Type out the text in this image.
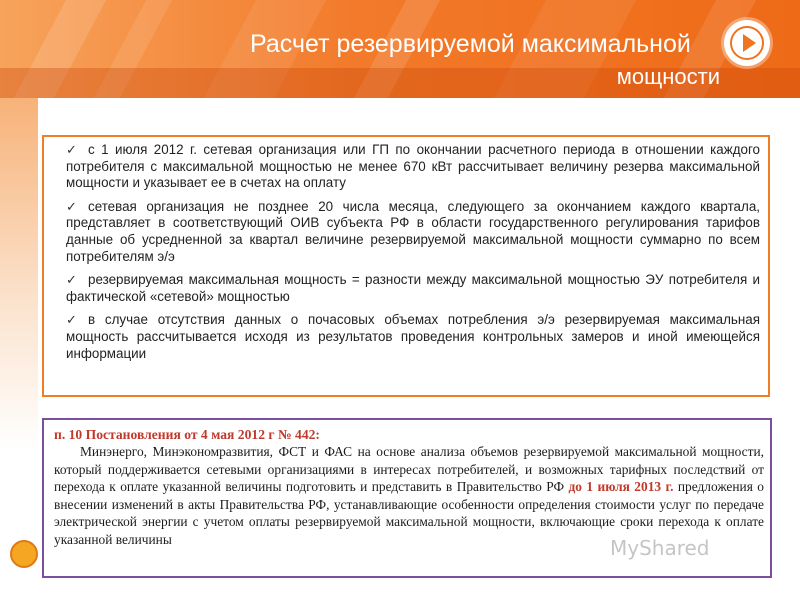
Расчет резервируемой максимальной
мощности
✓ с 1 июля 2012 г. сетевая организация или ГП по окончании расчетного периода в отношении каждого потребителя с максимальной мощностью не менее 670 кВт рассчитывает величину резерва максимальной мощности и указывает ее в счетах на оплату
✓ сетевая организация не позднее 20 числа месяца, следующего за окончанием каждого квартала, представляет в соответствующий ОИВ субъекта РФ в области государственного регулирования тарифов данные об усредненной за квартал величине резервируемой максимальной мощности суммарно по всем потребителям э/э
✓ резервируемая максимальная мощность = разности между максимальной мощностью ЭУ потребителя и фактической «сетевой» мощностью
✓ в случае отсутствия данных о почасовых объемах потребления э/э резервируемая максимальная мощность рассчитывается исходя из результатов проведения контрольных замеров и иной имеющейся информации
п. 10 Постановления от 4 мая 2012 г № 442:
Минэнерго, Минэкономразвития, ФСТ и ФАС на основе анализа объемов резервируемой максимальной мощности, который поддерживается сетевыми организациями в интересах потребителей, и возможных тарифных последствий от перехода к оплате указанной величины подготовить и представить в Правительство РФ до 1 июля 2013 г. предложения о внесении изменений в акты Правительства РФ, устанавливающие особенности определения стоимости услуг по передаче электрической энергии с учетом оплаты резервируемой максимальной мощности, включающие сроки перехода к оплате указанной величины	MyShared
